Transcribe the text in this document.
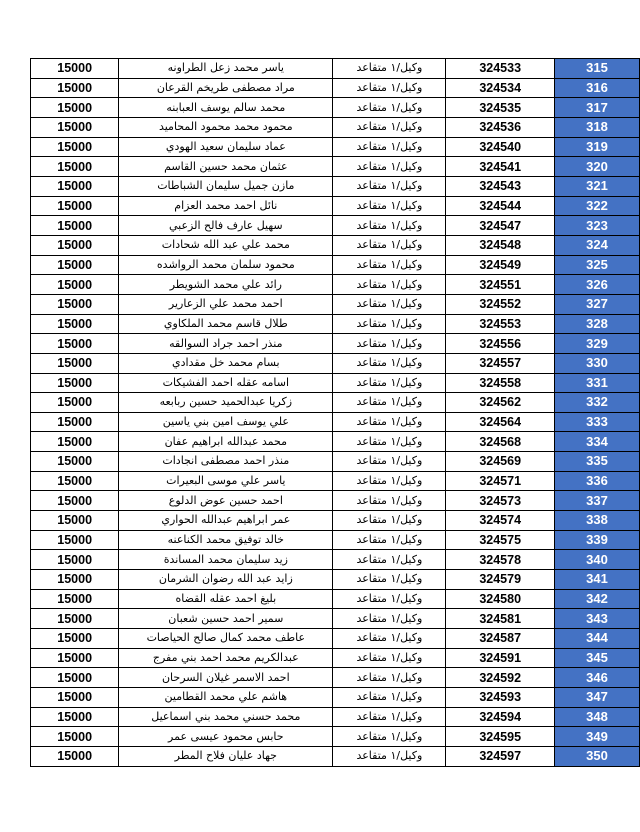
315	324533	وكيل/١ متقاعد	ياسر محمد زعل الطراونه	15000
316	324534	وكيل/١ متقاعد	مراد مصطفى طريخم القرعان	15000
317	324535	وكيل/١ متقاعد	محمد سالم يوسف العبابنه	15000
318	324536	وكيل/١ متقاعد	محمود محمد محمود المحاميد	15000
319	324540	وكيل/١ متقاعد	عماد سليمان سعيد الهودي	15000
320	324541	وكيل/١ متقاعد	عثمان محمد حسين القاسم	15000
321	324543	وكيل/١ متقاعد	مازن جميل سليمان الشباطات	15000
322	324544	وكيل/١ متقاعد	نائل احمد محمد العزام	15000
323	324547	وكيل/١ متقاعد	سهيل عارف فالح الزعبي	15000
324	324548	وكيل/١ متقاعد	محمد علي عبد الله شحادات	15000
325	324549	وكيل/١ متقاعد	محمود سلمان محمد الرواشده	15000
326	324551	وكيل/١ متقاعد	رائد علي محمد الشويطر	15000
327	324552	وكيل/١ متقاعد	احمد محمد علي الزعارير	15000
328	324553	وكيل/١ متقاعد	طلال قاسم محمد الملكاوي	15000
329	324556	وكيل/١ متقاعد	منذر احمد جراد السوالقه	15000
330	324557	وكيل/١ متقاعد	بسام محمد خل مقدادي	15000
331	324558	وكيل/١ متقاعد	اسامه عقله احمد الفشيكات	15000
332	324562	وكيل/١ متقاعد	زكريا عبدالحميد حسين ربابعه	15000
333	324564	وكيل/١ متقاعد	علي يوسف امين بني ياسين	15000
334	324568	وكيل/١ متقاعد	محمد عبدالله ابراهيم عفان	15000
335	324569	وكيل/١ متقاعد	منذر احمد مصطفى انجادات	15000
336	324571	وكيل/١ متقاعد	ياسر علي موسى البعيرات	15000
337	324573	وكيل/١ متقاعد	احمد حسين عوض الدلوع	15000
338	324574	وكيل/١ متقاعد	عمر ابراهيم عبدالله الحواري	15000
339	324575	وكيل/١ متقاعد	خالد توفيق محمد الكناعنه	15000
340	324578	وكيل/١ متقاعد	زيد سليمان محمد المساندة	15000
341	324579	وكيل/١ متقاعد	زايد عبد الله رضوان الشرمان	15000
342	324580	وكيل/١ متقاعد	بليغ احمد عقله القضاه	15000
343	324581	وكيل/١ متقاعد	سمير احمد حسين شعبان	15000
344	324587	وكيل/١ متقاعد	عاطف محمد كمال صالح الحياصات	15000
345	324591	وكيل/١ متقاعد	عبدالكريم محمد احمد بني مفرج	15000
346	324592	وكيل/١ متقاعد	احمد الاسمر غيلان السرحان	15000
347	324593	وكيل/١ متقاعد	هاشم علي محمد القطامين	15000
348	324594	وكيل/١ متقاعد	محمد حسني محمد بني اسماعيل	15000
349	324595	وكيل/١ متقاعد	حابس محمود عيسى عمر	15000
350	324597	وكيل/١ متقاعد	جهاد عليان فلاح المطر	15000
